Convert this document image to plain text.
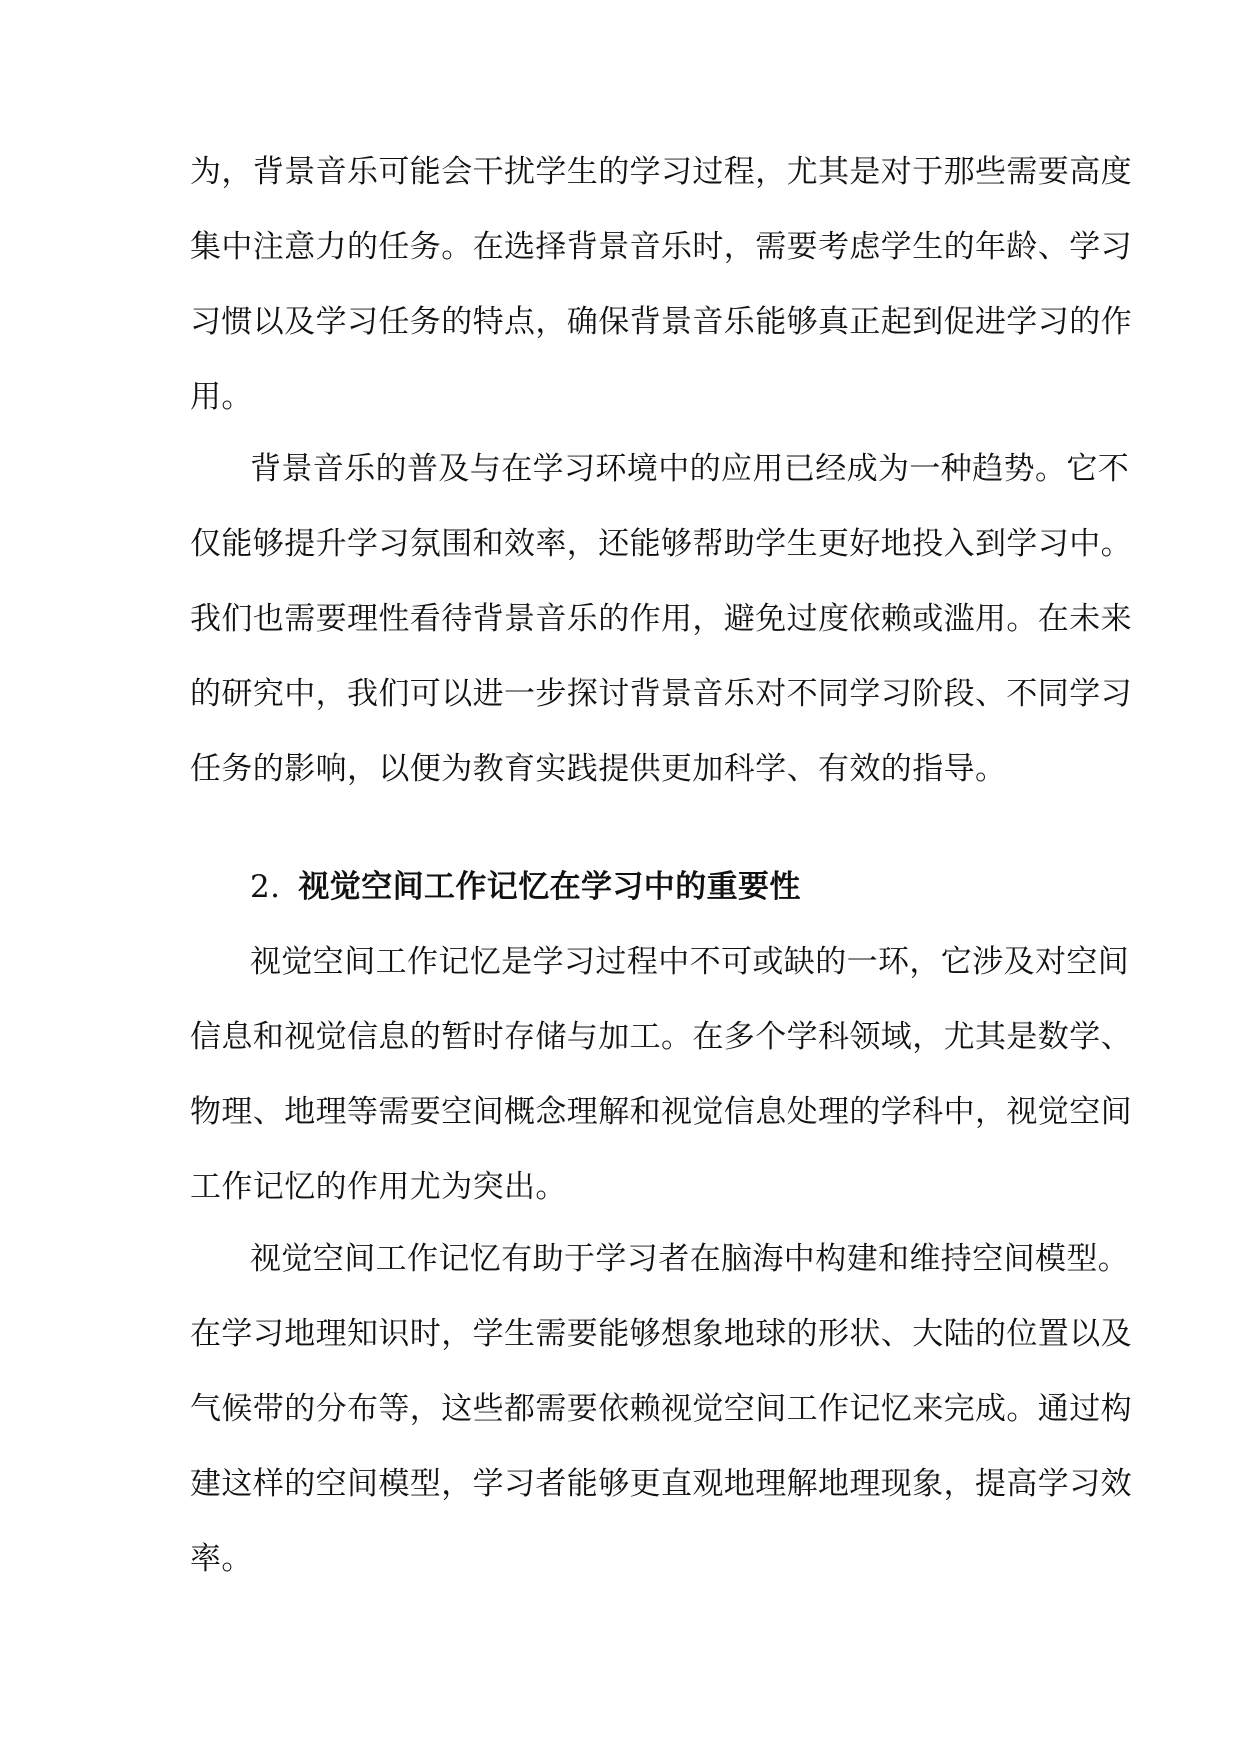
为，背景音乐可能会干扰学生的学习过程，尤其是对于那些需要高度
集中注意力的任务。在选择背景音乐时，需要考虑学生的年龄、学习
习惯以及学习任务的特点，确保背景音乐能够真正起到促进学习的作
用。
背景音乐的普及与在学习环境中的应用已经成为一种趋势。它不
仅能够提升学习氛围和效率，还能够帮助学生更好地投入到学习中。
我们也需要理性看待背景音乐的作用，避免过度依赖或滥用。在未来
的研究中，我们可以进一步探讨背景音乐对不同学习阶段、不同学习
任务的影响，以便为教育实践提供更加科学、有效的指导。
2. 视觉空间工作记忆在学习中的重要性
视觉空间工作记忆是学习过程中不可或缺的一环，它涉及对空间
信息和视觉信息的暂时存储与加工。在多个学科领域，尤其是数学、
物理、地理等需要空间概念理解和视觉信息处理的学科中，视觉空间
工作记忆的作用尤为突出。
视觉空间工作记忆有助于学习者在脑海中构建和维持空间模型。
在学习地理知识时，学生需要能够想象地球的形状、大陆的位置以及
气候带的分布等，这些都需要依赖视觉空间工作记忆来完成。通过构
建这样的空间模型，学习者能够更直观地理解地理现象，提高学习效
率。
